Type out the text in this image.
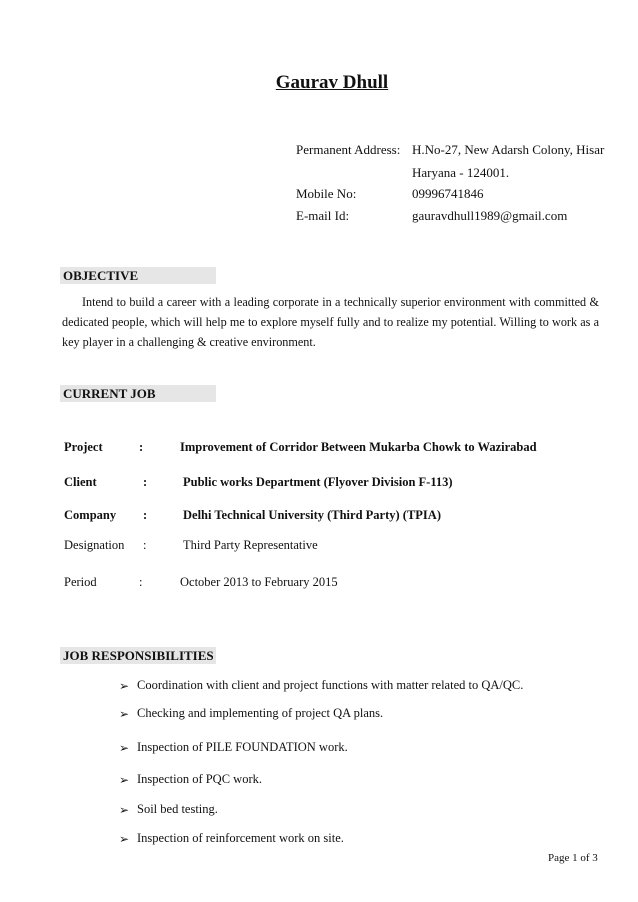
Gaurav Dhull
Permanent Address: H.No-27, New Adarsh Colony, Hisar
Haryana - 124001.
Mobile No:	09996741846
E-mail Id:	gauravdhull1989@gmail.com
OBJECTIVE
Intend to build a career with a leading corporate in a technically superior environment with committed & dedicated people, which will help me to explore myself fully and to realize my potential. Willing to work as a key player in a challenging & creative environment.
CURRENT JOB
Project	:	Improvement of Corridor Between Mukarba Chowk to Wazirabad
Client	:	Public works Department (Flyover Division F-113)
Company :	Delhi Technical University (Third Party) (TPIA)
Designation :	Third Party Representative
Period	:	October 2013 to February 2015
JOB RESPONSIBILITIES
➢ Coordination with client and project functions with matter related to QA/QC.
➢ Checking and implementing of project QA plans.
➢ Inspection of PILE FOUNDATION work.
➢ Inspection of PQC work.
➢ Soil bed testing.
➢ Inspection of reinforcement work on site.
Page 1 of 3
